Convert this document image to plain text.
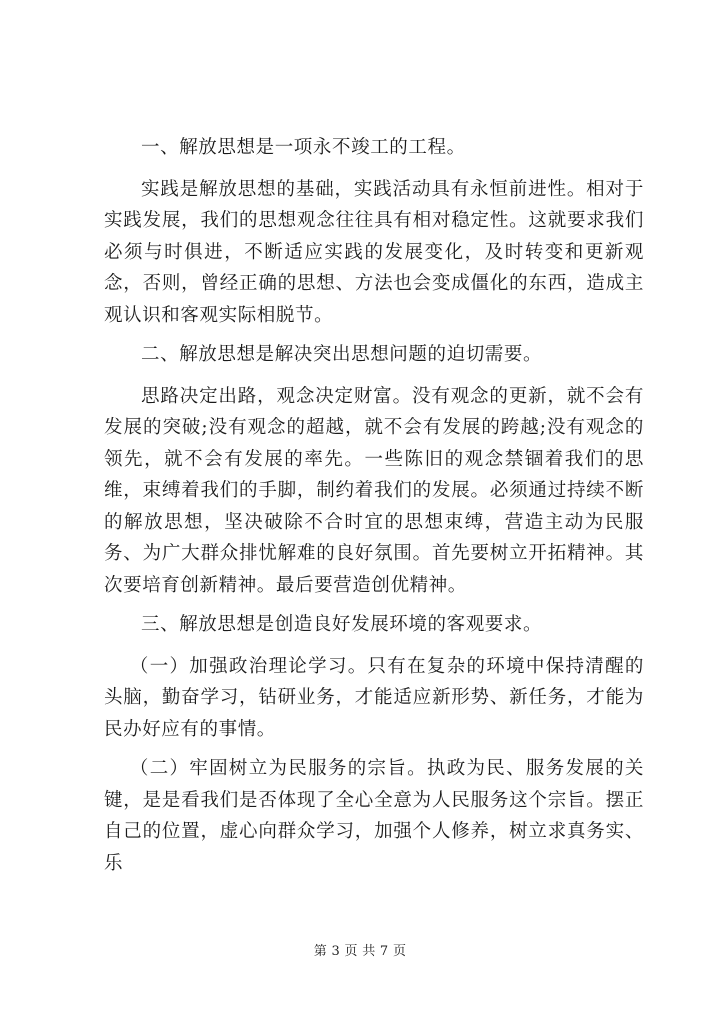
一、解放思想是一项永不竣工的工程。

实践是解放思想的基础，实践活动具有永恒前进性。相对于实践发展，我们的思想观念往往具有相对稳定性。这就要求我们必须与时俱进，不断适应实践的发展变化，及时转变和更新观念，否则，曾经正确的思想、方法也会变成僵化的东西，造成主观认识和客观实际相脱节。

二、解放思想是解决突出思想问题的迫切需要。

思路决定出路，观念决定财富。没有观念的更新，就不会有发展的突破;没有观念的超越，就不会有发展的跨越;没有观念的领先，就不会有发展的率先。一些陈旧的观念禁锢着我们的思维，束缚着我们的手脚，制约着我们的发展。必须通过持续不断的解放思想，坚决破除不合时宜的思想束缚，营造主动为民服务、为广大群众排忧解难的良好氛围。首先要树立开拓精神。其次要培育创新精神。最后要营造创优精神。

三、解放思想是创造良好发展环境的客观要求。

（一）加强政治理论学习。只有在复杂的环境中保持清醒的头脑，勤奋学习，钻研业务，才能适应新形势、新任务，才能为民办好应有的事情。

（二）牢固树立为民服务的宗旨。执政为民、服务发展的关键，是是看我们是否体现了全心全意为人民服务这个宗旨。摆正自己的位置，虚心向群众学习，加强个人修养，树立求真务实、乐

第 3 页 共 7 页
